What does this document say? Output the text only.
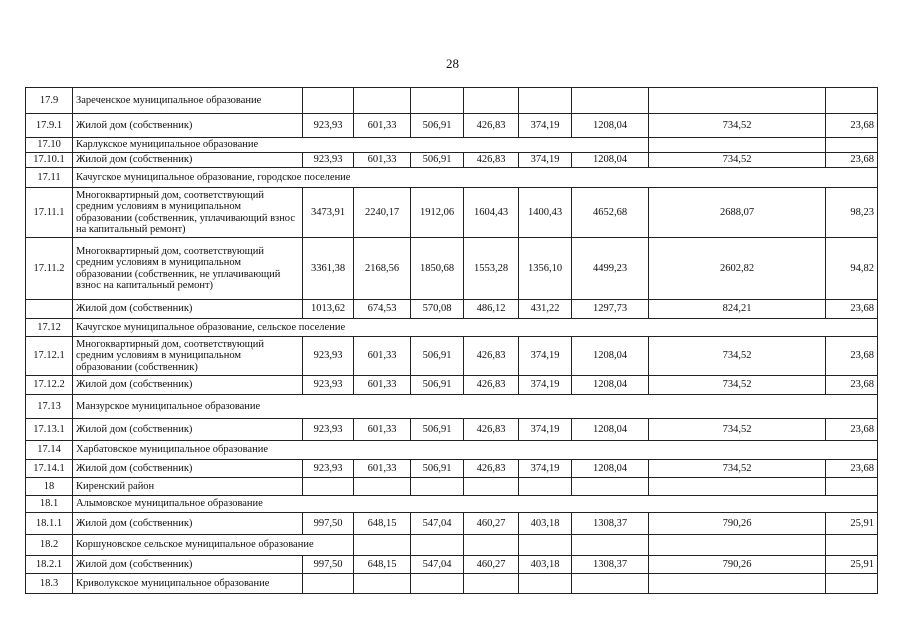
28
17.9	Зареченское муниципальное образование								
17.9.1	Жилой дом (собственник)	923,93	601,33	506,91	426,83	374,19	1208,04	734,52	23,68
17.10	Карлукское муниципальное образование								
17.10.1	Жилой дом (собственник)	923,93	601,33	506,91	426,83	374,19	1208,04	734,52	23,68
17.11	Качугское муниципальное образование, городское поселение								
17.11.1	Многоквартирный дом, соответствующий средним условиям в муниципальном образовании (собственник, уплачивающий взнос на капитальный ремонт)	3473,91	2240,17	1912,06	1604,43	1400,43	4652,68	2688,07	98,23
17.11.2	Многоквартирный дом, соответствующий средним условиям в муниципальном образовании (собственник, не уплачивающий взнос на капитальный ремонт)	3361,38	2168,56	1850,68	1553,28	1356,10	4499,23	2602,82	94,82
	Жилой дом (собственник)	1013,62	674,53	570,08	486,12	431,22	1297,73	824,21	23,68
17.12	Качугское муниципальное образование, сельское поселение								
17.12.1	Многоквартирный дом, соответствующий средним условиям в муниципальном образовании (собственник)	923,93	601,33	506,91	426,83	374,19	1208,04	734,52	23,68
17.12.2	Жилой дом (собственник)	923,93	601,33	506,91	426,83	374,19	1208,04	734,52	23,68
17.13	Манзурское муниципальное образование								
17.13.1	Жилой дом (собственник)	923,93	601,33	506,91	426,83	374,19	1208,04	734,52	23,68
17.14	Харбатовское муниципальное образование								
17.14.1	Жилой дом (собственник)	923,93	601,33	506,91	426,83	374,19	1208,04	734,52	23,68
18	Киренский район								
18.1	Алымовское муниципальное образование								
18.1.1	Жилой дом (собственник)	997,50	648,15	547,04	460,27	403,18	1308,37	790,26	25,91
18.2	Коршуновское сельское муниципальное образование								
18.2.1	Жилой дом (собственник)	997,50	648,15	547,04	460,27	403,18	1308,37	790,26	25,91
18.3	Криволукское муниципальное образование								
